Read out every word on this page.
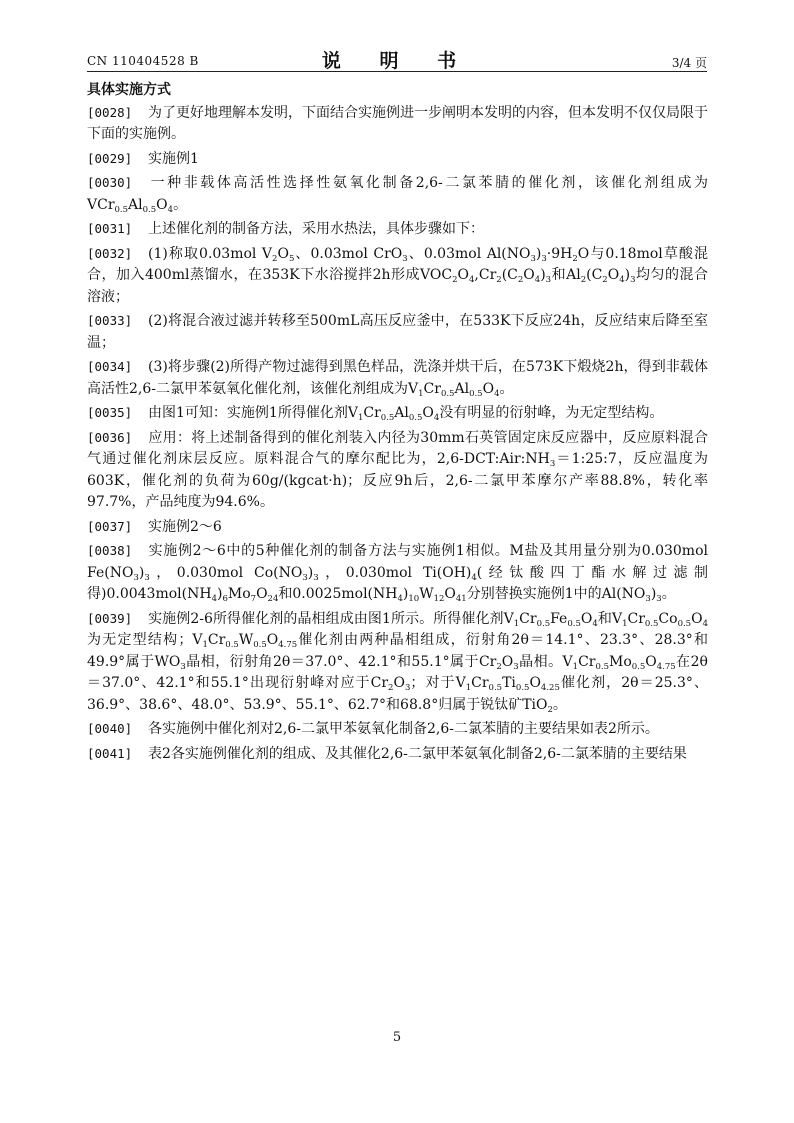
CN 110404528 B	说 明 书	3/4 页
具体实施方式
[0028] 为了更好地理解本发明，下面结合实施例进一步阐明本发明的内容，但本发明不仅仅局限于下面的实施例。
[0029] 实施例1
[0030] 一种非载体高活性选择性氨氧化制备2,6-二氯苯腈的催化剂，该催化剂组成为$VCr_{0.5}Al_{0.5}O_4$。
[0031] 上述催化剂的制备方法，采用水热法，具体步骤如下：
[0032] (1)称取0.03mol $V_2O_5$、0.03mol CrO$_3$、0.03mol $Al(NO_3)_3\cdot 9H_2O$与0.18mol草酸混合，加入400ml蒸馏水，在353K下水浴搅拌2h形成$VOC_2O_4,Cr_2(C_2O_4)_3$和$Al_2(C_2O_4)_3$均匀的混合溶液；
[0033] (2)将混合液过滤并转移至500mL高压反应釜中，在533K下反应24h，反应结束后降至室温；
[0034] (3)将步骤(2)所得产物过滤得到黑色样品，洗涤并烘干后，在573K下煅烧2h，得到非载体高活性2,6-二氯甲苯氨氧化催化剂，该催化剂组成为$V_1Cr_{0.5}Al_{0.5}O_4$。
[0035] 由图1可知：实施例1所得催化剂$V_1Cr_{0.5}Al_{0.5}O_4$没有明显的衍射峰，为无定型结构。
[0036] 应用：将上述制备得到的催化剂装入内径为30mm石英管固定床反应器中，反应原料混合气通过催化剂床层反应。原料混合气的摩尔配比为，$2,6-DCT:Air:NH_3=1:25:7$，反应温度为603K，催化剂的负荷为60g/(kgcat·h)；反应9h后，2,6-二氯甲苯摩尔产率88.8%，转化率97.7%，产品纯度为94.6%。
[0037] 实施例2～6
[0038] 实施例2～6中的5种催化剂的制备方法与实施例1相似。M盐及其用量分别为0.030mol $Fe(NO_3)_3$，0.030mol $Co(NO_3)_3$，0.030mol $Ti(OH)_4$(经钛酸四丁酯水解过滤制得)$0.0043mol(NH_4)_6Mo_7O_{24}$和$0.0025mol(NH_4)_{10}W_{12}O_{41}$分别替换实施例1中的$Al(NO_3)_3$。
[0039] 实施例2-6所得催化剂的晶相组成由图1所示。所得催化剂$V_1Cr_{0.5}Fe_{0.5}O_4$和$V_1Cr_{0.5}Co_{0.5}O_4$为无定型结构；$V_1Cr_{0.5}W_{0.5}O_{4.75}$催化剂由两种晶相组成，衍射角2θ＝14.1°、23.3°、28.3°和49.9°属于$WO_3$晶相，衍射角2θ＝37.0°、42.1°和55.1°属于$Cr_2O_3$晶相。$V_1Cr_{0.5}Mo_{0.5}O_{4.75}$在2θ＝37.0°、42.1°和55.1°出现衍射峰对应于$Cr_2O_3$；对于$V_1Cr_{0.5}Ti_{0.5}O_{4.25}$催化剂，2θ＝25.3°、36.9°、38.6°、48.0°、53.9°、55.1°、62.7°和68.8°归属于锐钛矿TiO$_2$。
[0040] 各实施例中催化剂对2,6-二氯甲苯氨氧化制备2,6-二氯苯腈的主要结果如表2所示。
[0041] 表2各实施例催化剂的组成、及其催化2,6-二氯甲苯氨氧化制备2,6-二氯苯腈的主要结果
5
